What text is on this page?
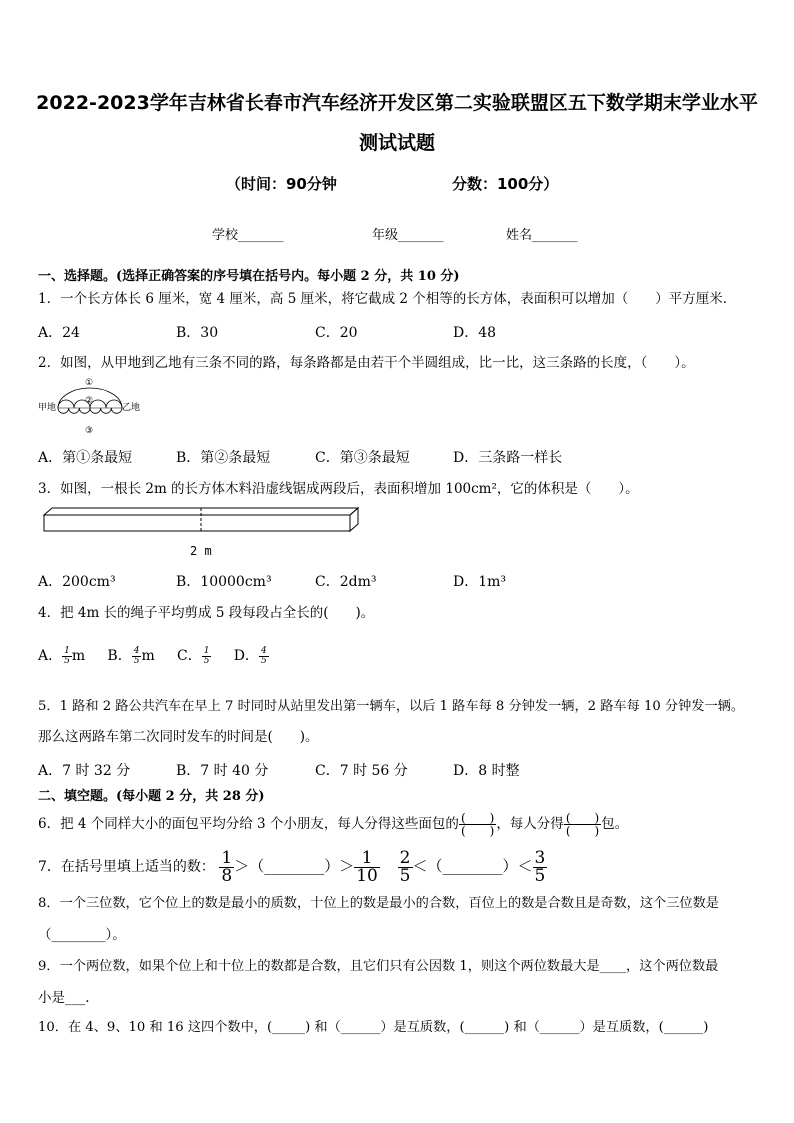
2022-2023学年吉林省长春市汽车经济开发区第二实验联盟区五下数学期末学业水平
测试试题
（时间：90分钟	分数：100分）
学校_______	年级_______	姓名_______
一、选择题。(选择正确答案的序号填在括号内。每小题 2 分，共 10 分)
1．一个长方体长 6 厘米，宽 4 厘米，高 5 厘米，将它截成 2 个相等的长方体，表面积可以增加（　　）平方厘米．
A．24	B．30	C．20	D．48
2．如图，从甲地到乙地有三条不同的路，每条路都是由若干个半圆组成，比一比，这三条路的长度，（　　）。
甲地	乙地
①
②
③
A．第①条最短	B．第②条最短	C．第③条最短	D．三条路一样长
3．如图，一根长 2m 的长方体木料沿虚线锯成两段后，表面积增加 100cm²，它的体积是（　　）。
2 m
A．200cm³	B．10000cm³	C．2dm³	D．1m³
4．把 4m 长的绳子平均剪成 5 段每段占全长的(　　)。
A． $\frac{1}{5}$ m B． $\frac{4}{5}$ m C． $\frac{1}{5}$ D． $\frac{4}{5}$
5．1 路和 2 路公共汽车在早上 7 时同时从站里发出第一辆车，以后 1 路车每 8 分钟发一辆，2 路车每 10 分钟发一辆。
那么这两路车第二次同时发车的时间是(　　)。
A．7 时 32 分	B．7 时 40 分	C．7 时 56 分	D．8 时整
二、填空题。(每小题 2 分，共 28 分)
6．把 4 个同样大小的面包平均分给 3 个小朋友，每人分得这些面包的 $\frac{( )}{( )}$ ，每人分得 $\frac{( )}{( )}$ 包。
7．在括号里填上适当的数： $\frac{1}{8}$ ＞（________）＞ $\frac{1}{10}$
$\frac{2}{5}$ ＜（________）＜ $\frac{3}{5}$
8．一个三位数，它个位上的数是最小的质数，十位上的数是最小的合数，百位上的数是合数且是奇数，这个三位数是
（________）。
9．一个两位数，如果个位上和十位上的数都是合数，且它们只有公因数 1，则这个两位数最大是____，这个两位数最
小是___.
10．在 4、9、10 和 16 这四个数中，(_____) 和（______）是互质数，(______) 和（______）是互质数，(______)
